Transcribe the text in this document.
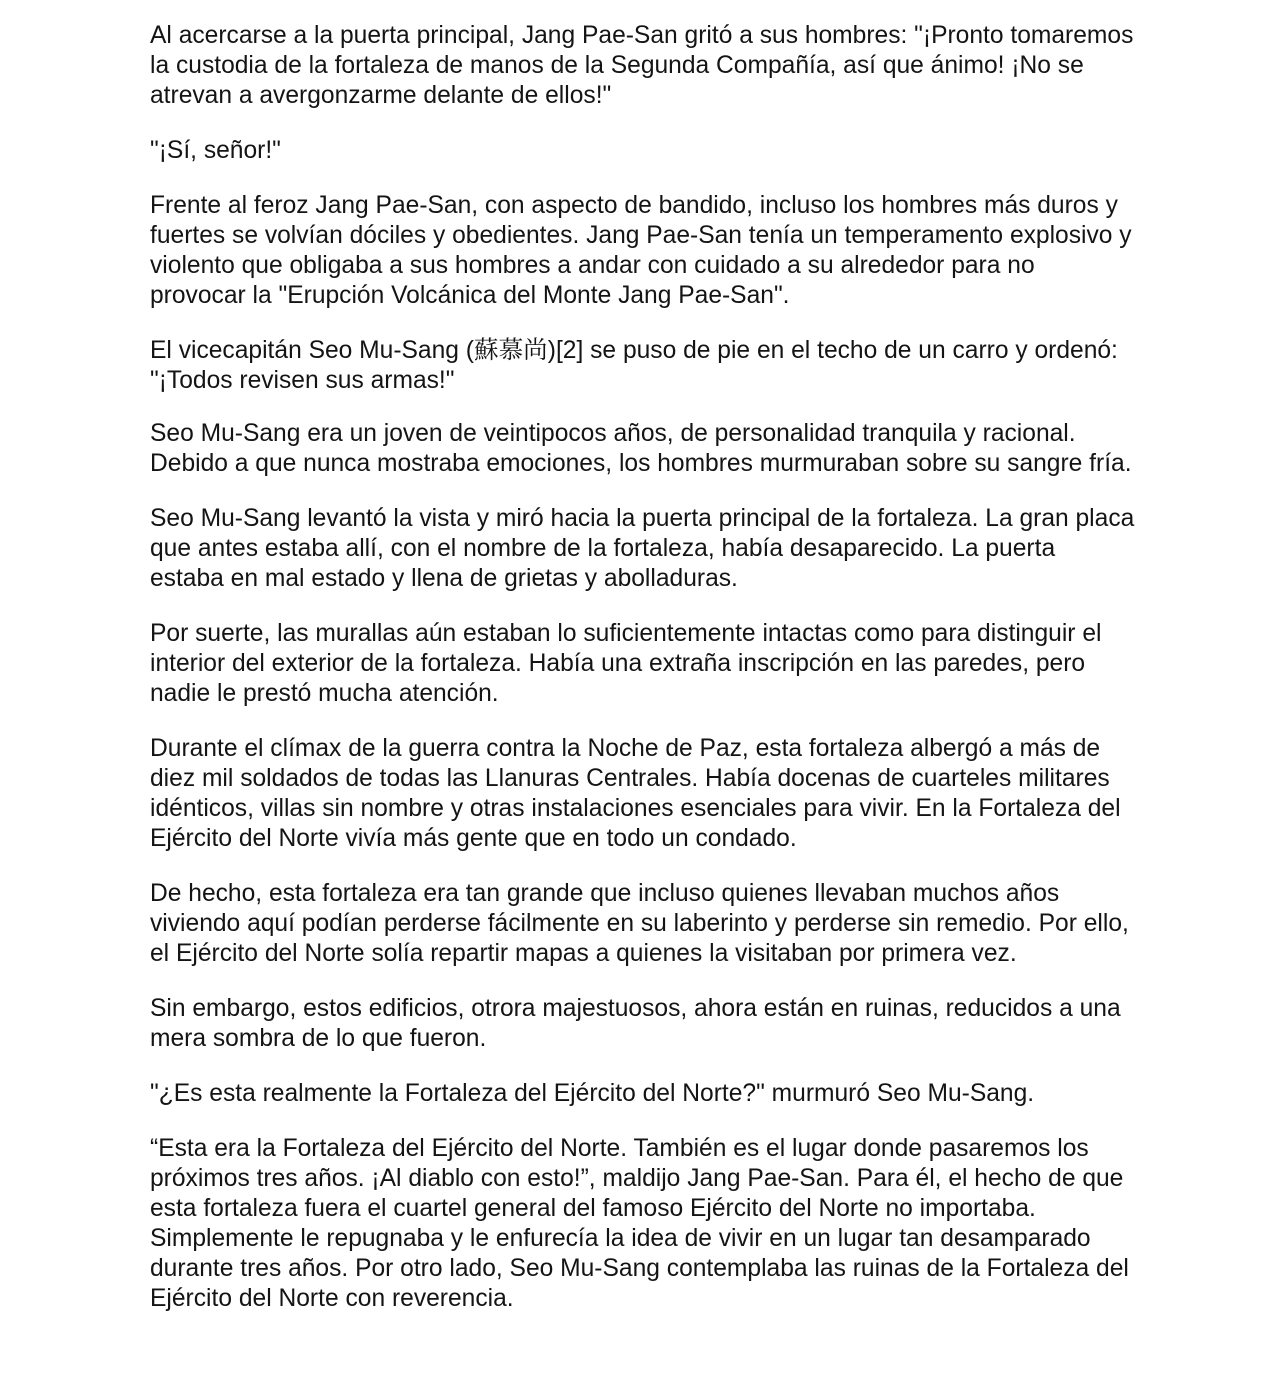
Al acercarse a la puerta principal, Jang Pae-San gritó a sus hombres: "¡Pronto tomaremos la custodia de la fortaleza de manos de la Segunda Compañía, así que ánimo! ¡No se atrevan a avergonzarme delante de ellos!"

"¡Sí, señor!"

Frente al feroz Jang Pae-San, con aspecto de bandido, incluso los hombres más duros y fuertes se volvían dóciles y obedientes. Jang Pae-San tenía un temperamento explosivo y violento que obligaba a sus hombres a andar con cuidado a su alrededor para no provocar la "Erupción Volcánica del Monte Jang Pae-San".

El vicecapitán Seo Mu-Sang (蘇慕尚)[2] se puso de pie en el techo de un carro y ordenó: "¡Todos revisen sus armas!"

Seo Mu-Sang era un joven de veintipocos años, de personalidad tranquila y racional. Debido a que nunca mostraba emociones, los hombres murmuraban sobre su sangre fría.

Seo Mu-Sang levantó la vista y miró hacia la puerta principal de la fortaleza. La gran placa que antes estaba allí, con el nombre de la fortaleza, había desaparecido. La puerta estaba en mal estado y llena de grietas y abolladuras.

Por suerte, las murallas aún estaban lo suficientemente intactas como para distinguir el interior del exterior de la fortaleza. Había una extraña inscripción en las paredes, pero nadie le prestó mucha atención.

Durante el clímax de la guerra contra la Noche de Paz, esta fortaleza albergó a más de diez mil soldados de todas las Llanuras Centrales. Había docenas de cuarteles militares idénticos, villas sin nombre y otras instalaciones esenciales para vivir. En la Fortaleza del Ejército del Norte vivía más gente que en todo un condado.

De hecho, esta fortaleza era tan grande que incluso quienes llevaban muchos años viviendo aquí podían perderse fácilmente en su laberinto y perderse sin remedio. Por ello, el Ejército del Norte solía repartir mapas a quienes la visitaban por primera vez.

Sin embargo, estos edificios, otrora majestuosos, ahora están en ruinas, reducidos a una mera sombra de lo que fueron.

"¿Es esta realmente la Fortaleza del Ejército del Norte?" murmuró Seo Mu-Sang.

“Esta era la Fortaleza del Ejército del Norte. También es el lugar donde pasaremos los próximos tres años. ¡Al diablo con esto!”, maldijo Jang Pae-San. Para él, el hecho de que esta fortaleza fuera el cuartel general del famoso Ejército del Norte no importaba. Simplemente le repugnaba y le enfurecía la idea de vivir en un lugar tan desamparado durante tres años. Por otro lado, Seo Mu-Sang contemplaba las ruinas de la Fortaleza del Ejército del Norte con reverencia.
